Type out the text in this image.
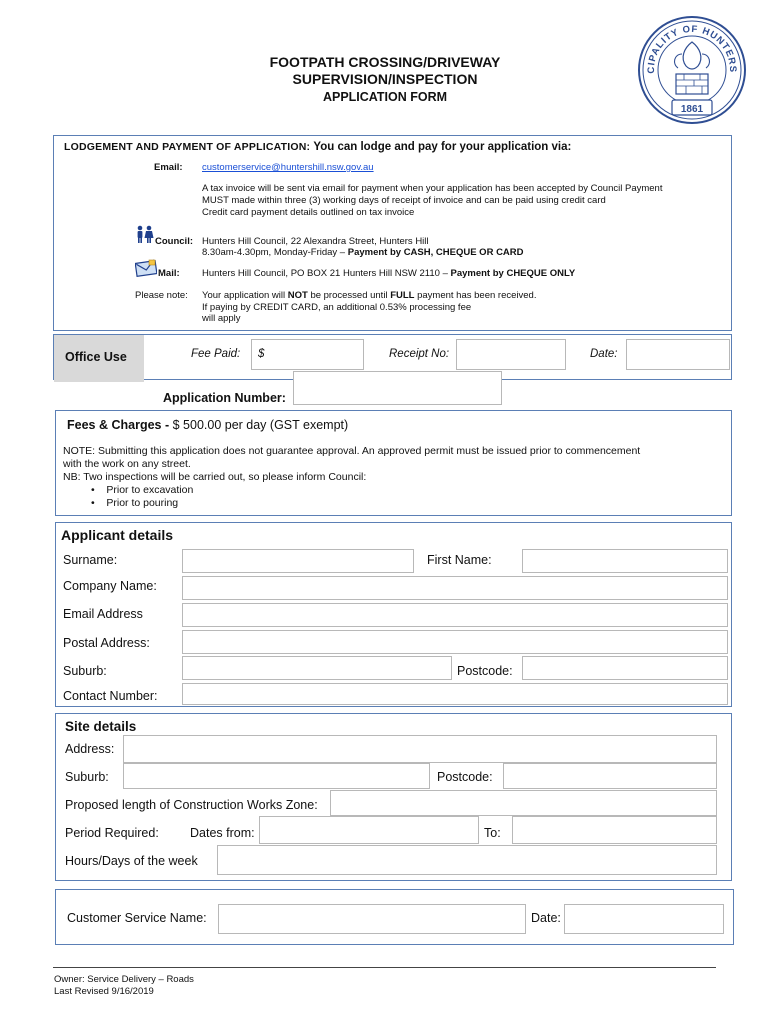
FOOTPATH CROSSING/DRIVEWAY
SUPERVISION/INSPECTION
APPLICATION FORM
CIPALITY OF HUNTERS
1861
LODGEMENT AND PAYMENT OF APPLICATION: You can lodge and pay for your application via:
Email: customerservice@huntershill.nsw.gov.au
A tax invoice will be sent via email for payment when your application has been accepted by Council Payment
MUST made within three (3) working days of receipt of invoice and can be paid using credit card
Credit card payment details outlined on tax invoice
Council: Hunters Hill Council, 22 Alexandra Street, Hunters Hill
8.30am-4.30pm, Monday-Friday – Payment by CASH, CHEQUE OR CARD
Mail: Hunters Hill Council, PO BOX 21 Hunters Hill NSW 2110 – Payment by CHEQUE ONLY
Please note: Your application will NOT be processed until FULL payment has been received.
If paying by CREDIT CARD, an additional 0.53% processing fee
will apply
Office Use	Fee Paid: $	Receipt No:	Date:
Application Number:
Fees & Charges - $ 500.00 per day (GST exempt)
NOTE: Submitting this application does not guarantee approval. An approved permit must be issued prior to commencement
with the work on any street.
NB: Two inspections will be carried out, so please inform Council:
•    Prior to excavation
•    Prior to pouring
Applicant details
Surname:	First Name:
Company Name:
Email Address
Postal Address:
Suburb:	Postcode:
Contact Number:
Site details
Address:
Suburb:	Postcode:
Proposed length of Construction Works Zone:
Period Required: Dates from:	To:
Hours/Days of the week
Customer Service Name:	Date:
Owner: Service Delivery – Roads
Last Revised 9/16/2019
